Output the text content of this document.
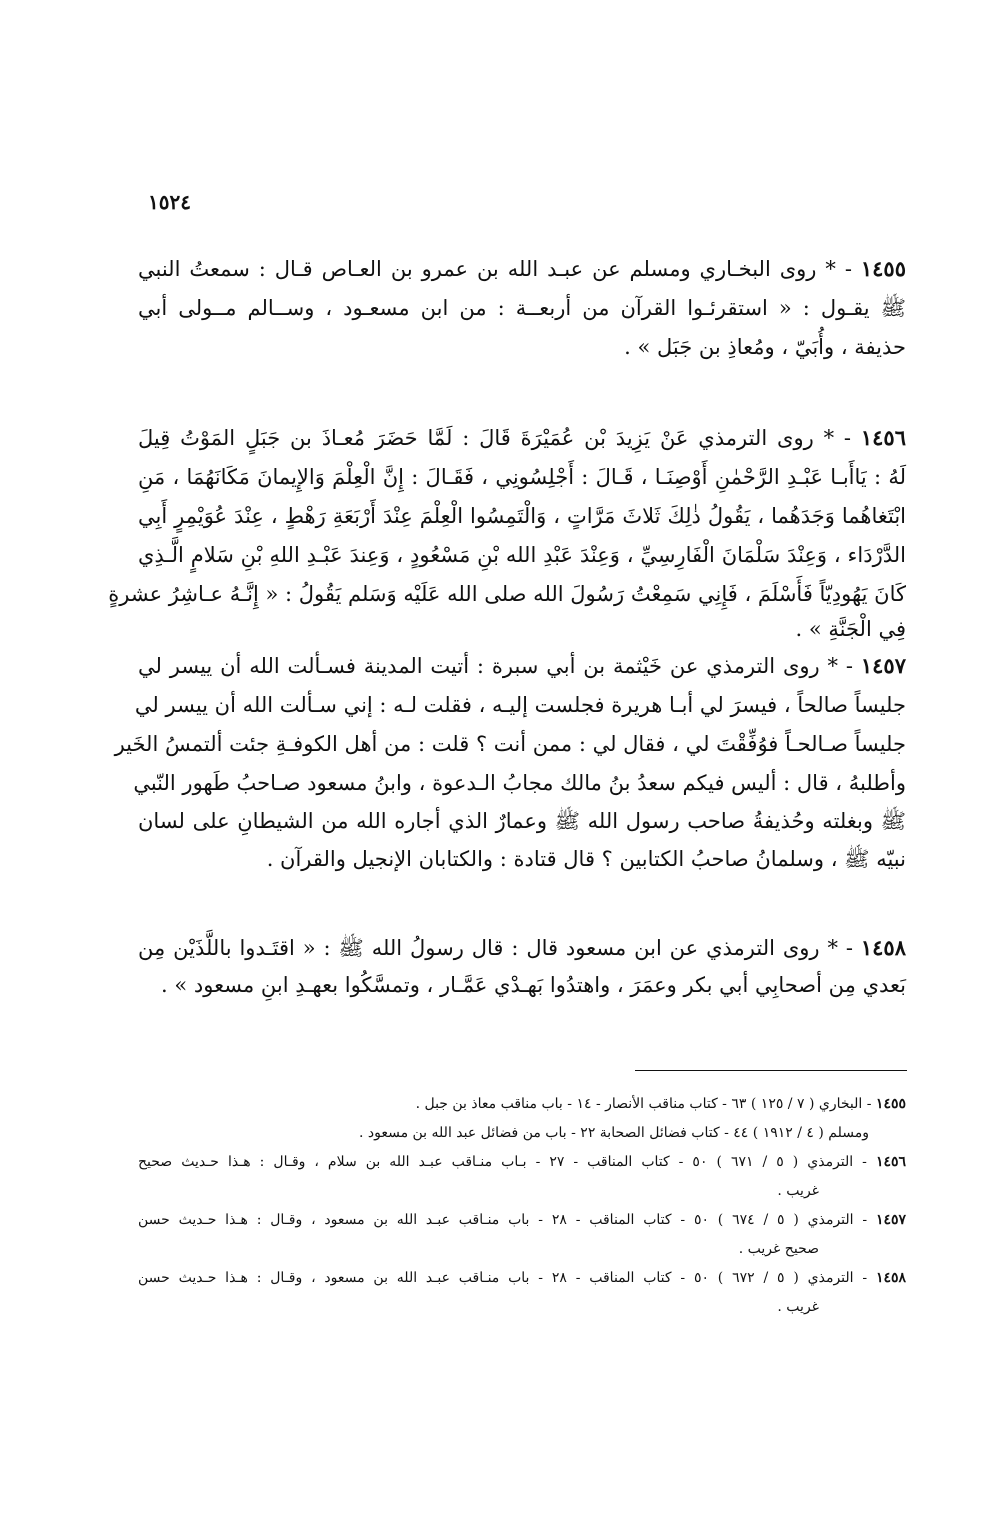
١٥٢٤
١٤٥٥ - * روى البخـاري ومسلم عن عبـد الله بن عمرو بن العـاص قـال : سمعتُ النبي
ﷺ يقـول : « استقرئـوا القرآن من أربعــة : من ابن مسعـود ، وســالم مــولى أبي
حذيفة ، وأُبَيّ ، ومُعاذِ بن جَبَل » .
١٤٥٦ - * روى الترمذي عَنْ يَزِيدَ بْن عُمَيْرَةَ قَالَ : لَمَّا حَضَرَ مُعـاذَ بن جَبَلٍ المَوْتُ قِيلَ
لَهُ : يَاأَبـا عَبْـدِ الرَّحْمٰنِ أَوْصِنَـا ، قَـالَ : أَجْلِسُونِي ، فَقَـالَ : إِنَّ الْعِلْمَ وَالإِيمانَ مَكَانَهُمَا ، مَنِ
ابْتَغاهُما وَجَدَهُما ، يَقُولُ ذٰلِكَ ثَلاثَ مَرَّاتٍ ، وَالْتَمِسُوا الْعِلْمَ عِنْدَ أَرْبَعَةِ رَهْطٍ ، عِنْدَ عُوَيْمِرٍ أَبِي
الدَّرْدَاء ، وَعِنْدَ سَلْمَانَ الْفَارِسِيِّ ، وَعِنْدَ عَبْدِ الله بْنِ مَسْعُودٍ ، وَعِندَ عَبْـدِ اللهِ بْنِ سَلامٍ الَّـذِي
كَانَ يَهُودِيّاً فَأَسْلَمَ ، فَإِنِي سَمِعْتُ رَسُولَ الله صلى الله عَلَيْه وَسَلم يَقُولُ : « إِنَّـهُ عـاشِرُ عشرةٍ
فِي الْجَنَّةِ » .
١٤٥٧ - * روى الترمذي عن خَيْثمة بن أبي سبرة : أتيت المدينة فسـألت الله أن ييسر لي
جليساً صالحاً ، فيسرَ لي أبـا هريرة فجلست إليـه ، فقلت لـه : إني سـألت الله أن ييسر لي
جليساً صـالحـاً فوُفِّقْتَ لي ، فقال لي : ممن أنت ؟ قلت : من أهل الكوفـةِ جئت ألتمسُ الخَير
وأطلبهُ ، قال : أليس فيكم سعدُ بنُ مالك مجابُ الـدعوة ، وابنُ مسعود صـاحبُ طَهور النّبي
ﷺ وبغلته وحُذيفةُ صاحب رسول الله ﷺ وعمارٌ الذي أجاره الله من الشيطانِ على لسان
نبيّه ﷺ ، وسلمانُ صاحبُ الكتابين ؟ قال قتادة : والكتابان الإنجيل والقرآن .
١٤٥٨ - * روى الترمذي عن ابن مسعود قال : قال رسولُ الله ﷺ : « اقتَـدوا باللَّذَيْن مِن
بَعدي مِن أصحابِي أبي بكر وعمَرَ ، واهتدُوا بَهـدْي عَمَّـار ، وتمسَّكُوا بعهـدِ ابنِ مسعود » .
١٤٥٥ - البخاري ( ٧ / ١٢٥ ) ٦٣ - كتاب مناقب الأنصار - ١٤ - باب مناقب معاذ بن جبل .
ومسلم ( ٤ / ١٩١٢ ) ٤٤ - كتاب فضائل الصحابة ٢٢ - باب من فضائل عبد الله بن مسعود .
١٤٥٦ - الترمذي ( ٥ / ٦٧١ ) ٥٠ - كتاب المناقب - ٢٧ - بـاب منـاقب عبـد الله بن سلام ، وقـال : هـذا حـديث صحيح
غريب .
١٤٥٧ - الترمذي ( ٥ / ٦٧٤ ) ٥٠ - كتاب المناقب - ٢٨ - باب منـاقب عبـد الله بن مسعود ، وقـال : هـذا حـديث حسن
صحيح غريب .
١٤٥٨ - الترمذي ( ٥ / ٦٧٢ ) ٥٠ - كتاب المناقب - ٢٨ - باب منـاقب عبـد الله بن مسعود ، وقـال : هـذا حـديث حسن
غريب .
